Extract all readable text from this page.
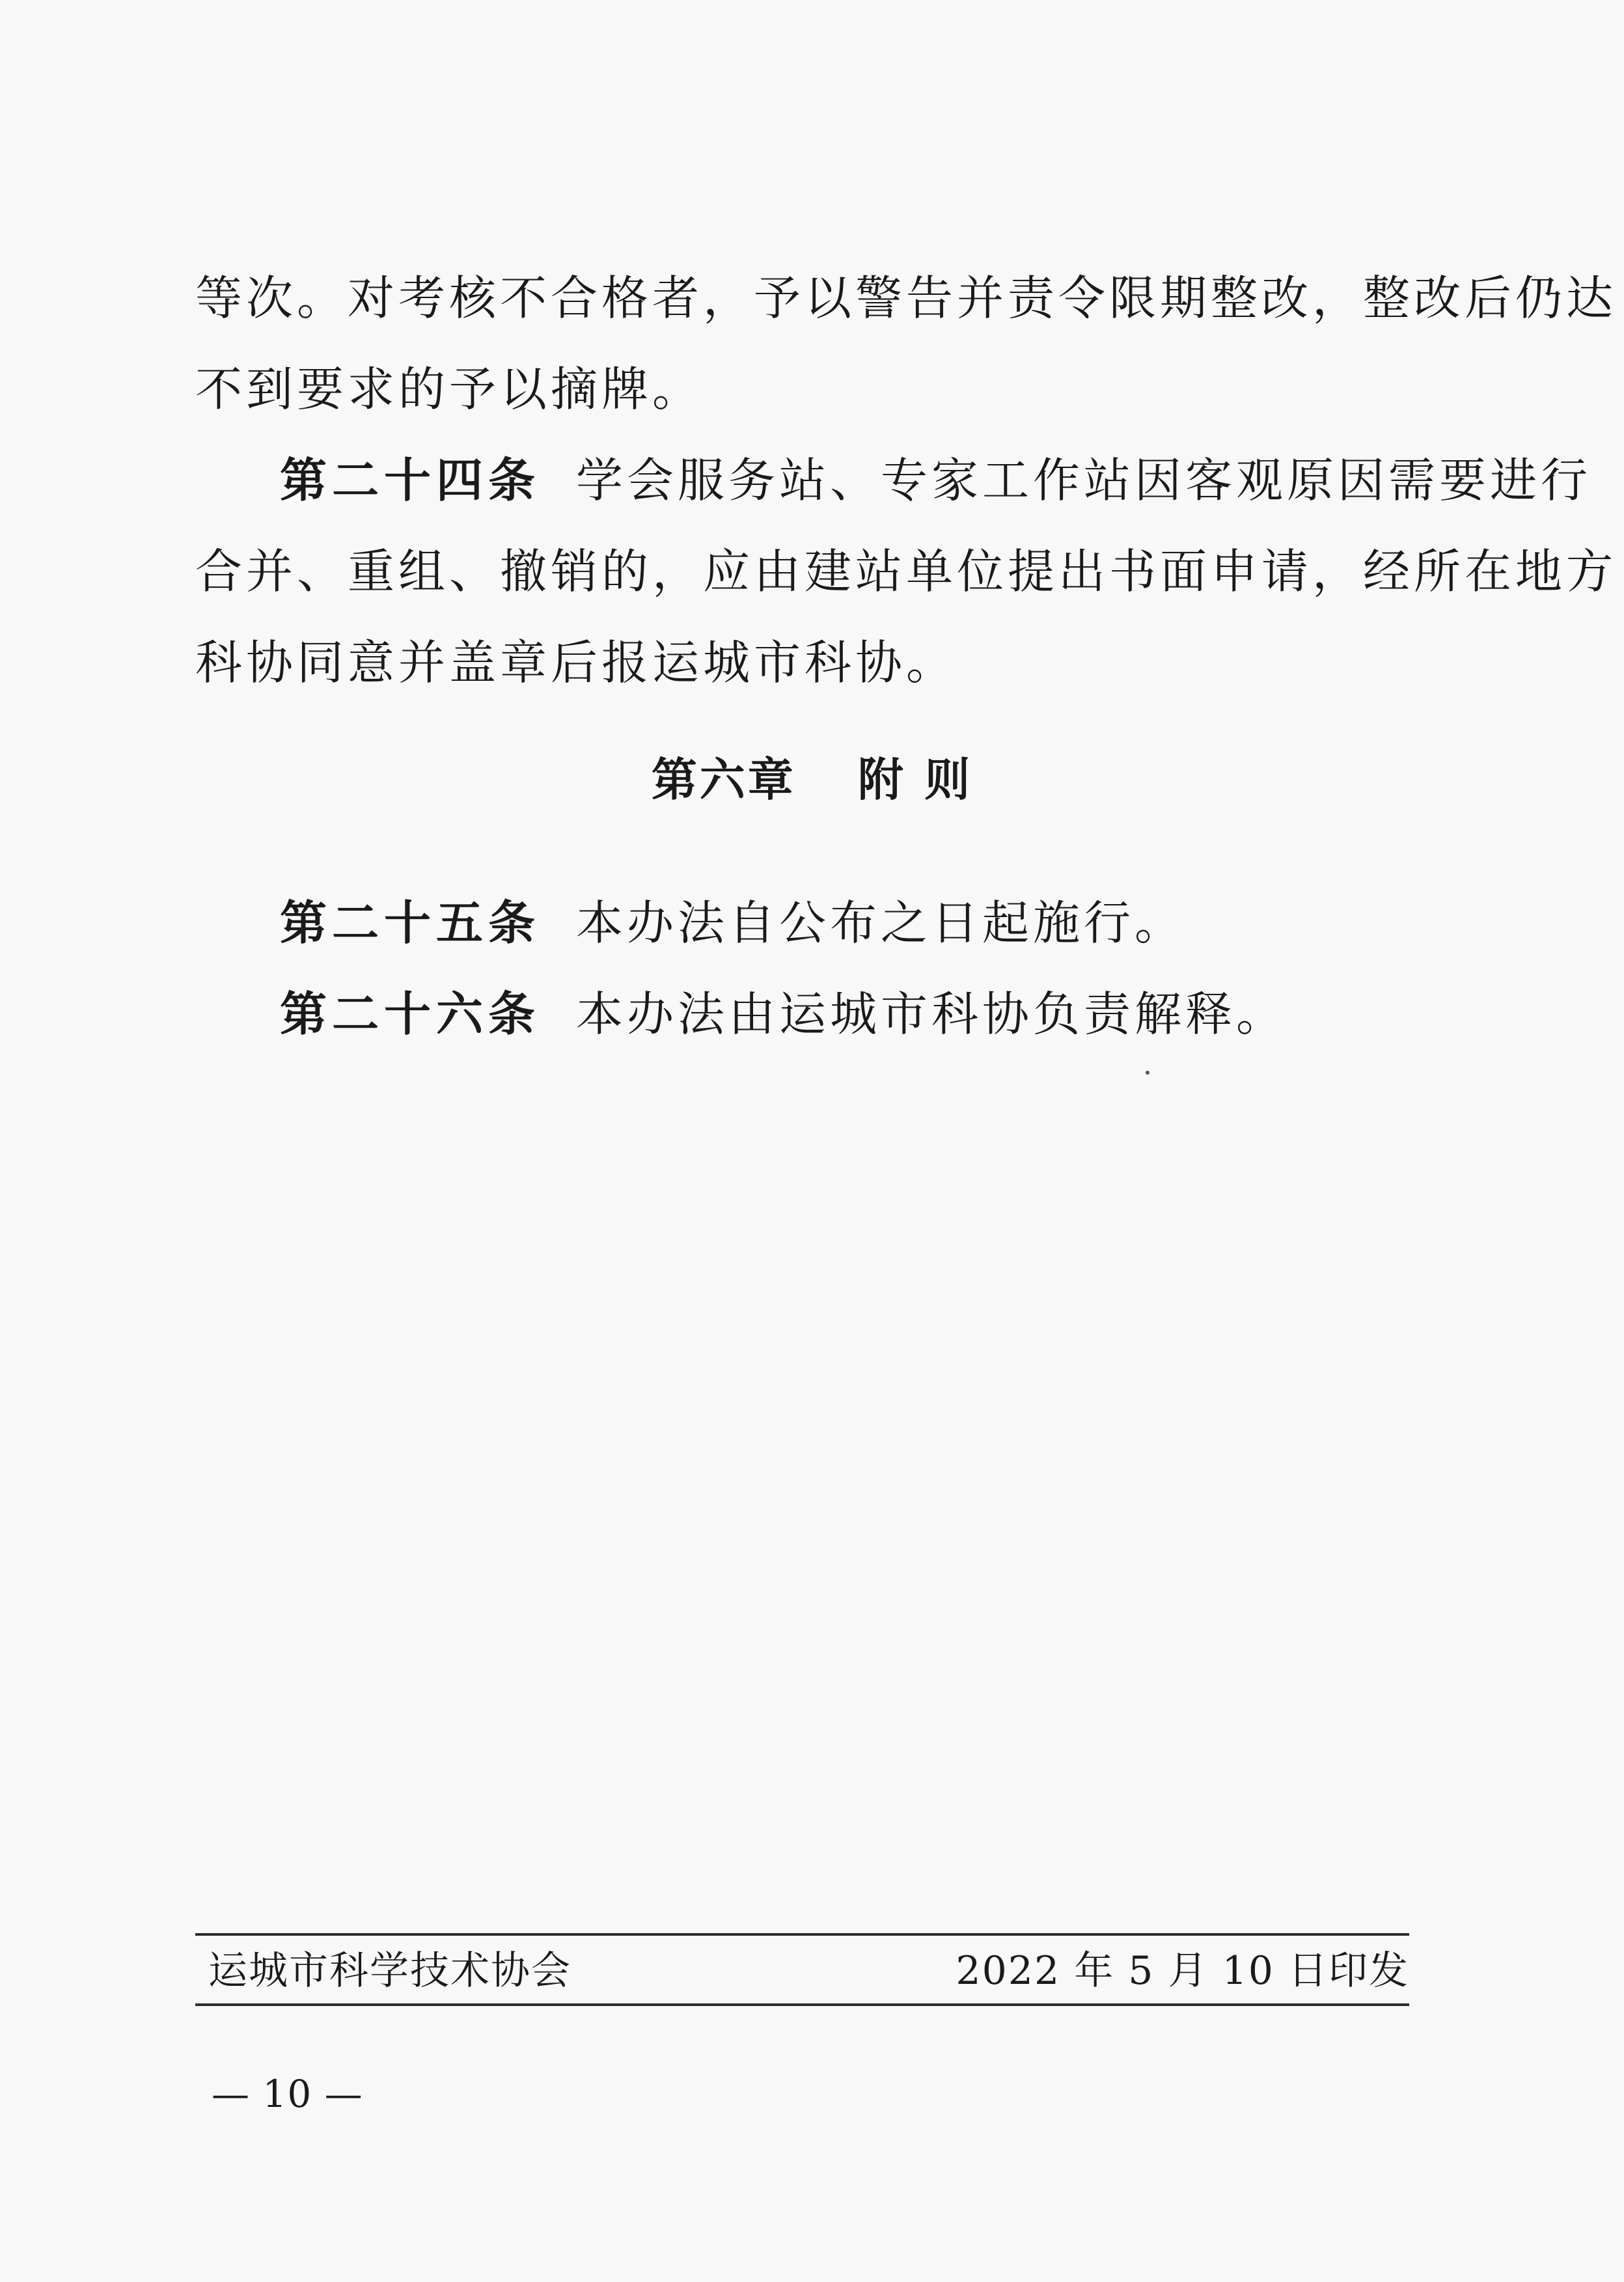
等次。对考核不合格者，予以警告并责令限期整改，整改后仍达
不到要求的予以摘牌。
第二十四条 学会服务站、专家工作站因客观原因需要进行
合并、重组、撤销的，应由建站单位提出书面申请，经所在地方
科协同意并盖章后报运城市科协。
第六章 附 则
第二十五条 本办法自公布之日起施行。
第二十六条 本办法由运城市科协负责解释。
运城市科学技术协会	2022 年 5 月 10 日印发
— 10 —
